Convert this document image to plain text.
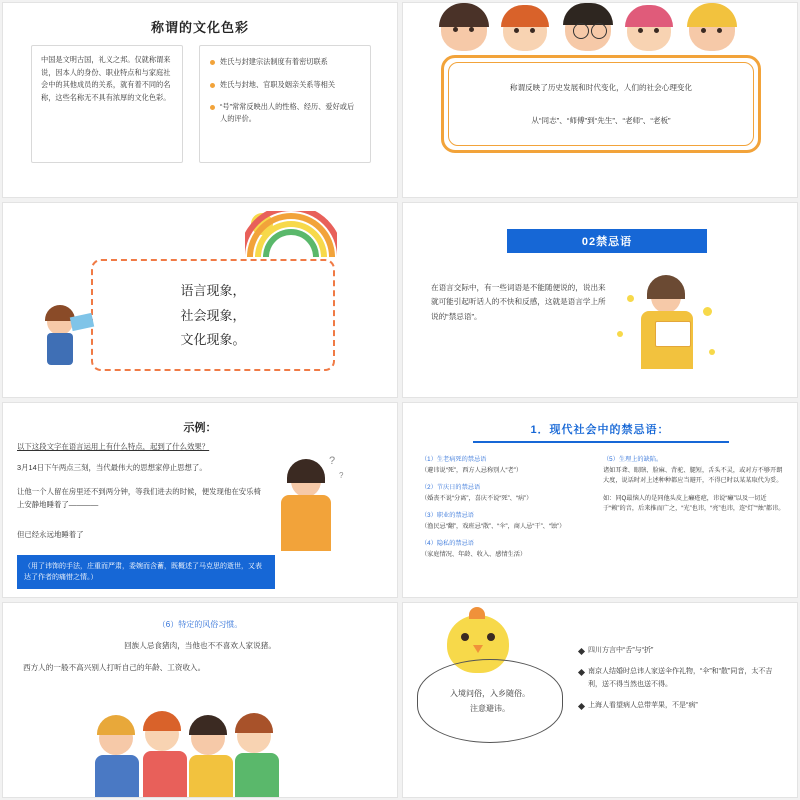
称谓的文化色彩
中国是文明古国，礼义之邦。仅就称谓来说，因本人的身份、职业特点和与家庭社会中的其他成员的关系，就有着不同的名称，这些名称无不具有浓厚的文化色彩。
姓氏与封建宗法制度有着密切联系
姓氏与封地、官职及姻亲关系等相关
“号”常常反映出人的性格、经历、爱好或后人的评价。
称谓反映了历史发展和时代变化，人们的社会心理变化
从“同志”、“师傅”到“先生”、“老师”、“老板”
语言现象，
社会现象，
文化现象。
02禁忌语
在语言交际中，有一些词语是不能随便说的，说出来就可能引起听话人的不快和反感，这就是语言学上所说的“禁忌语”。
示例：
以下这段文字在语言运用上有什么特点，起到了什么效果？
3月14日下午两点三刻，当代最伟大的思想家停止思想了。
让他一个人留在房里还不到两分钟，等我们进去的时候，便发现他在安乐椅上安静地睡着了————
但已经永远地睡着了
（用了讳饰的手法，庄重而严肃，委婉而含蓄，既概述了马克思的逝世，又表达了作者的痛惜之情。）
?
?
1．现代社会中的禁忌语：
（1）生老病死的禁忌语
（避讳说“死”，西方人忌称别人“老”）
（2）节庆日的禁忌语
（婚丧不说“分离”，喜庆不说“死”、“病”）
（3）职业的禁忌语
（渔民忌“翻”，戏班忌“散”、“伞”，商人忌“干”、“蚀”）
（4）隐私的禁忌语
（家庭情况、年龄、收入、感情生活）
（5）生理上的缺陷。
诸如耳聋、眼瞎、脸麻、背驼、腿短，舌头不灵，或对方不够开朗大度，说话时对上述种种都应当避开，不得已时以某某取代为妥。
如：同Q最恼人的是同他头皮上癞疮疤，讳说“癞”以及一切近于“赖”的音，后来推而广之，“光”也讳，“亮”也讳，连“灯”“烛”都讳。
（6）特定的风俗习惯。
回族人忌食猪肉，当他也不不喜欢人家说猪。
西方人的一般不高兴别人打听自己的年龄、工资收入。
入境问俗，入乡随俗。
注意避讳。
四川方言中“舌”与“折”
南京人结婚时总讳人家送伞作礼物，“伞”和“散”同音，太不吉利，送不得当然也送不得。
上海人看望病人总带苹果，不是“病”
